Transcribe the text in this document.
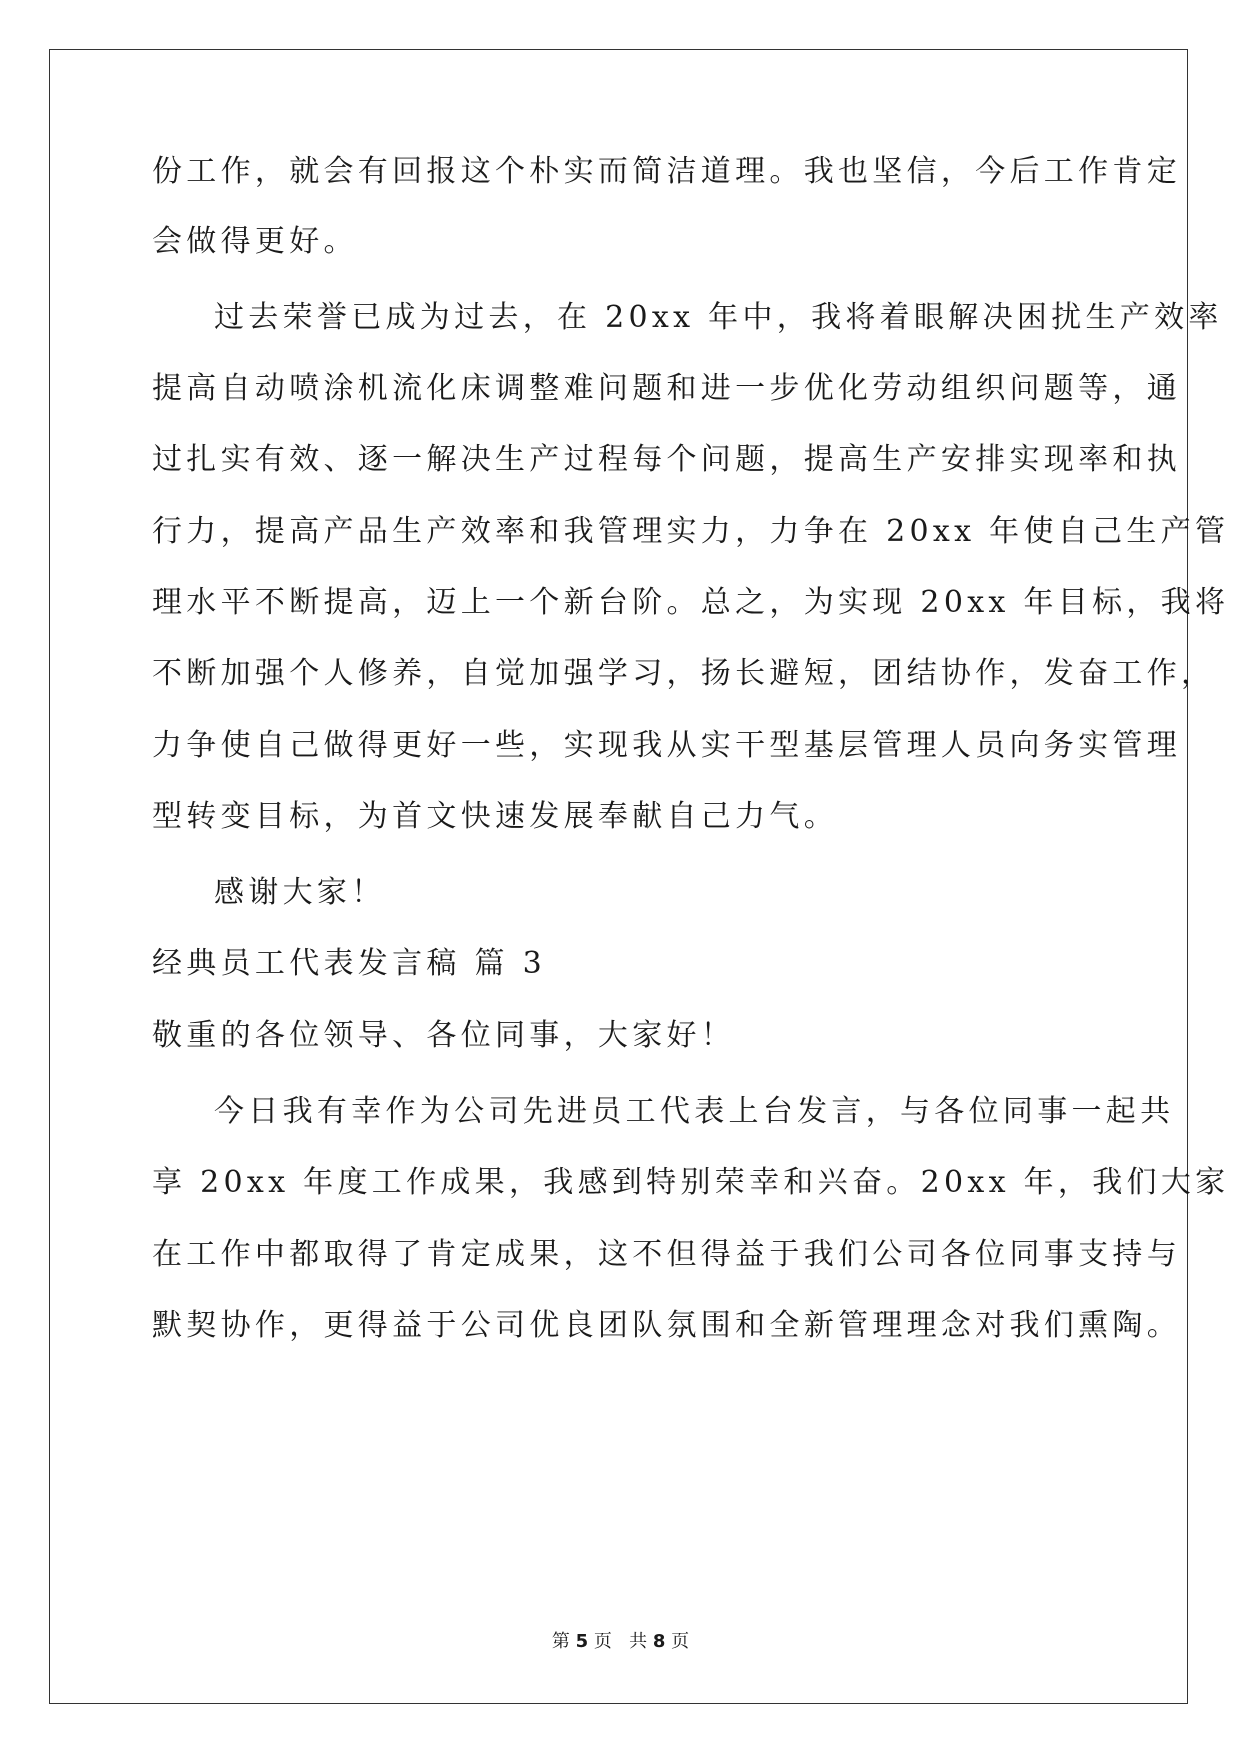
份工作，就会有回报这个朴实而简洁道理。我也坚信，今后工作肯定
会做得更好。
过去荣誉已成为过去，在 20xx 年中，我将着眼解决困扰生产效率
提高自动喷涂机流化床调整难问题和进一步优化劳动组织问题等，通
过扎实有效、逐一解决生产过程每个问题，提高生产安排实现率和执
行力，提高产品生产效率和我管理实力，力争在 20xx 年使自己生产管
理水平不断提高，迈上一个新台阶。总之，为实现 20xx 年目标，我将
不断加强个人修养，自觉加强学习，扬长避短，团结协作，发奋工作，
力争使自己做得更好一些，实现我从实干型基层管理人员向务实管理
型转变目标，为首文快速发展奉献自己力气。
感谢大家！
经典员工代表发言稿 篇 3
敬重的各位领导、各位同事，大家好！
今日我有幸作为公司先进员工代表上台发言，与各位同事一起共
享 20xx 年度工作成果，我感到特别荣幸和兴奋。20xx 年，我们大家
在工作中都取得了肯定成果，这不但得益于我们公司各位同事支持与
默契协作，更得益于公司优良团队氛围和全新管理理念对我们熏陶。
第 5 页   共 8 页
